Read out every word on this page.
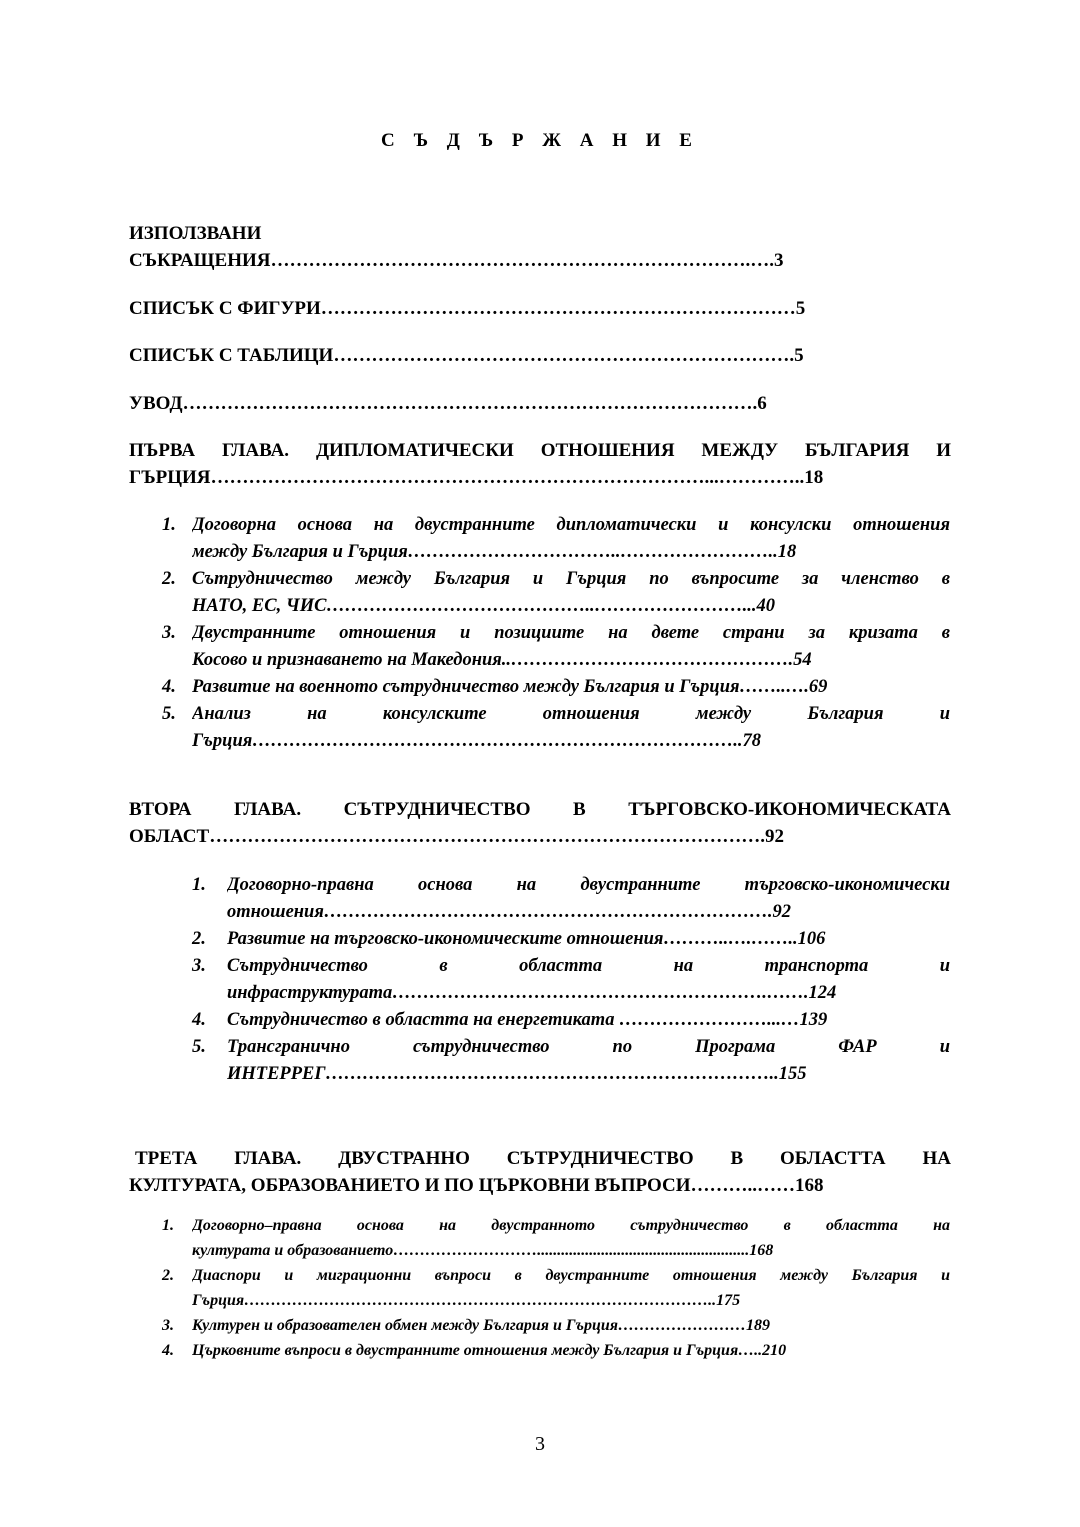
С Ъ Д Ъ Р Ж А Н И Е
ИЗПОЛЗВАНИ
СЪКРАЩЕНИЯ………………………………………………………………….….3
СПИСЪК С ФИГУРИ…………………………………………………………………5
СПИСЪК С ТАБЛИЦИ……………………………………………………………….5
УВОД……………………………………………………………………………….6
ПЪРВА ГЛАВА. ДИПЛОМАТИЧЕСКИ ОТНОШЕНИЯ МЕЖДУ БЪЛГАРИЯ И
ГЪРЦИЯ……………………………………………………………………...…………..18
1. Договорна основа на двустранните дипломатически и консулски отношения
между България и Гърция……………………………..……………………..18
2. Сътрудничество между България и Гърция по въпросите за членство в
НАТО, ЕС, ЧИС……………………………………..……………………...40
3. Двустранните отношения и позициите на двете страни за кризата в
Косово и признаването на Македония..……………………………………….54
4. Развитие на военното сътрудничество между България и Гърция……..….69
5. Анализ на консулските отношения между България и
Гърция……………………………………………………………………..78
ВТОРА ГЛАВА. СЪТРУДНИЧЕСТВО В ТЪРГОВСКО-ИКОНОМИЧЕСКАТА
ОБЛАСТ…………………………………………………………………………….92
1. Договорно-правна основа на двустранните търговско-икономически
отношения……………………………………………………………….92
2. Развитие на търговско-икономическите отношения………..….……..106
3. Сътрудничество в областта на транспорта и
инфраструктурата…………………………………………………….…….124
4. Сътрудничество в областта на енергетиката ……………………...…139
5. Трансгранично сътрудничество по Програма ФАР и
ИНТЕРРЕГ………………………………………………………………..155
ТРЕТА ГЛАВА. ДВУСТРАННО СЪТРУДНИЧЕСТВО В ОБЛАСТТА НА
КУЛТУРАТА, ОБРАЗОВАНИЕТО И ПО ЦЪРКОВНИ ВЪПРОСИ………..……168
1. Договорно–правна основа на двустранното сътрудничество в областта на
културата и образованието……………………….....................................................168
2. Диаспори и миграционни въпроси в двустранните отношения между България и
Гърция……………………………………………………………………………..175
3. Културен и образователен обмен между България и Гърция……………………189
4. Църковните въпроси в двустранните отношения между България и Гърция…..210
3
